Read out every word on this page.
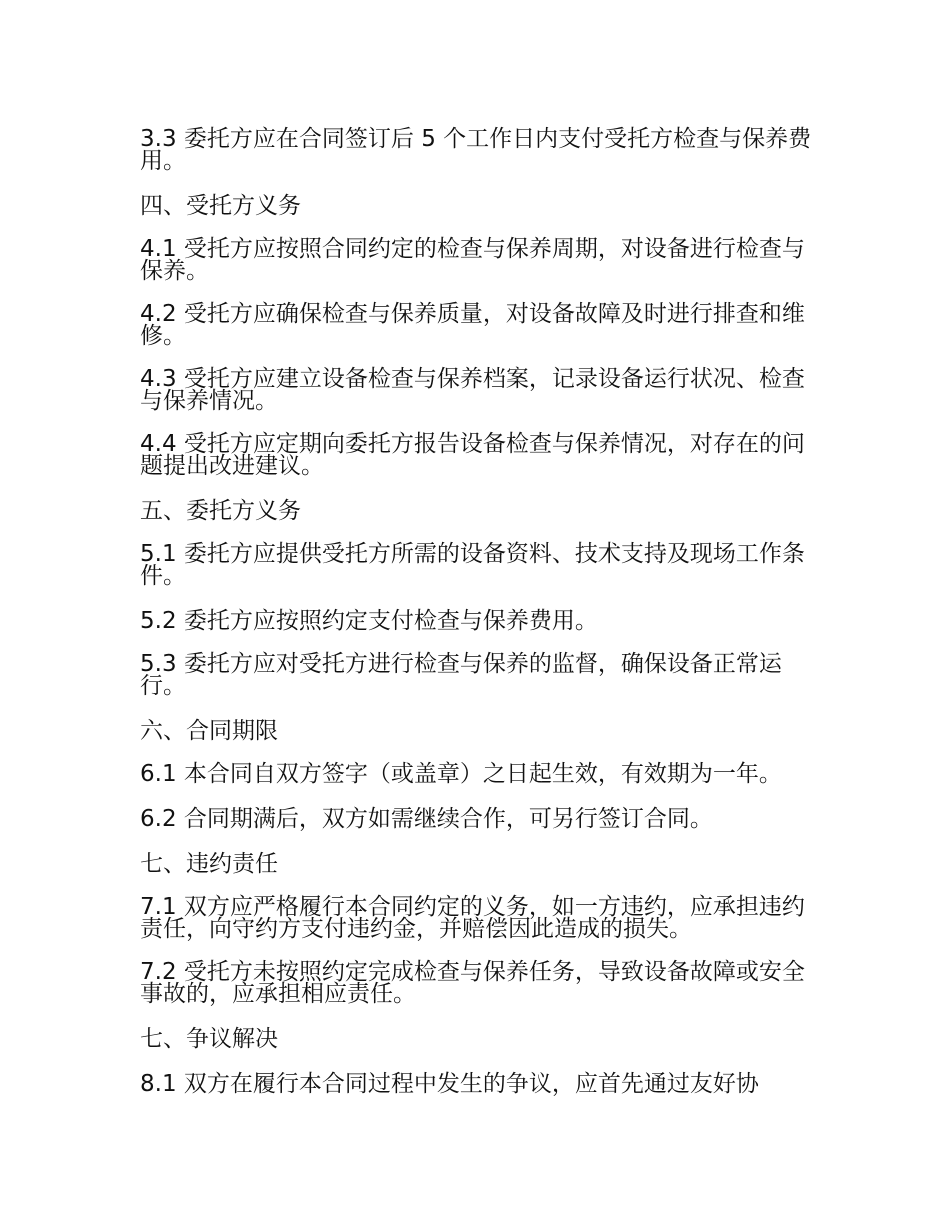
3.3 委托方应在合同签订后 5 个工作日内支付受托方检查与保养费用。

四、受托方义务

4.1 受托方应按照合同约定的检查与保养周期，对设备进行检查与保养。

4.2 受托方应确保检查与保养质量，对设备故障及时进行排查和维修。

4.3 受托方应建立设备检查与保养档案，记录设备运行状况、检查与保养情况。

4.4 受托方应定期向委托方报告设备检查与保养情况，对存在的问题提出改进建议。

五、委托方义务

5.1 委托方应提供受托方所需的设备资料、技术支持及现场工作条件。

5.2 委托方应按照约定支付检查与保养费用。

5.3 委托方应对受托方进行检查与保养的监督，确保设备正常运行。

六、合同期限

6.1 本合同自双方签字（或盖章）之日起生效，有效期为一年。

6.2 合同期满后，双方如需继续合作，可另行签订合同。

七、违约责任

7.1 双方应严格履行本合同约定的义务，如一方违约，应承担违约责任，向守约方支付违约金，并赔偿因此造成的损失。

7.2 受托方未按照约定完成检查与保养任务，导致设备故障或安全事故的，应承担相应责任。

七、争议解决

8.1 双方在履行本合同过程中发生的争议，应首先通过友好协
